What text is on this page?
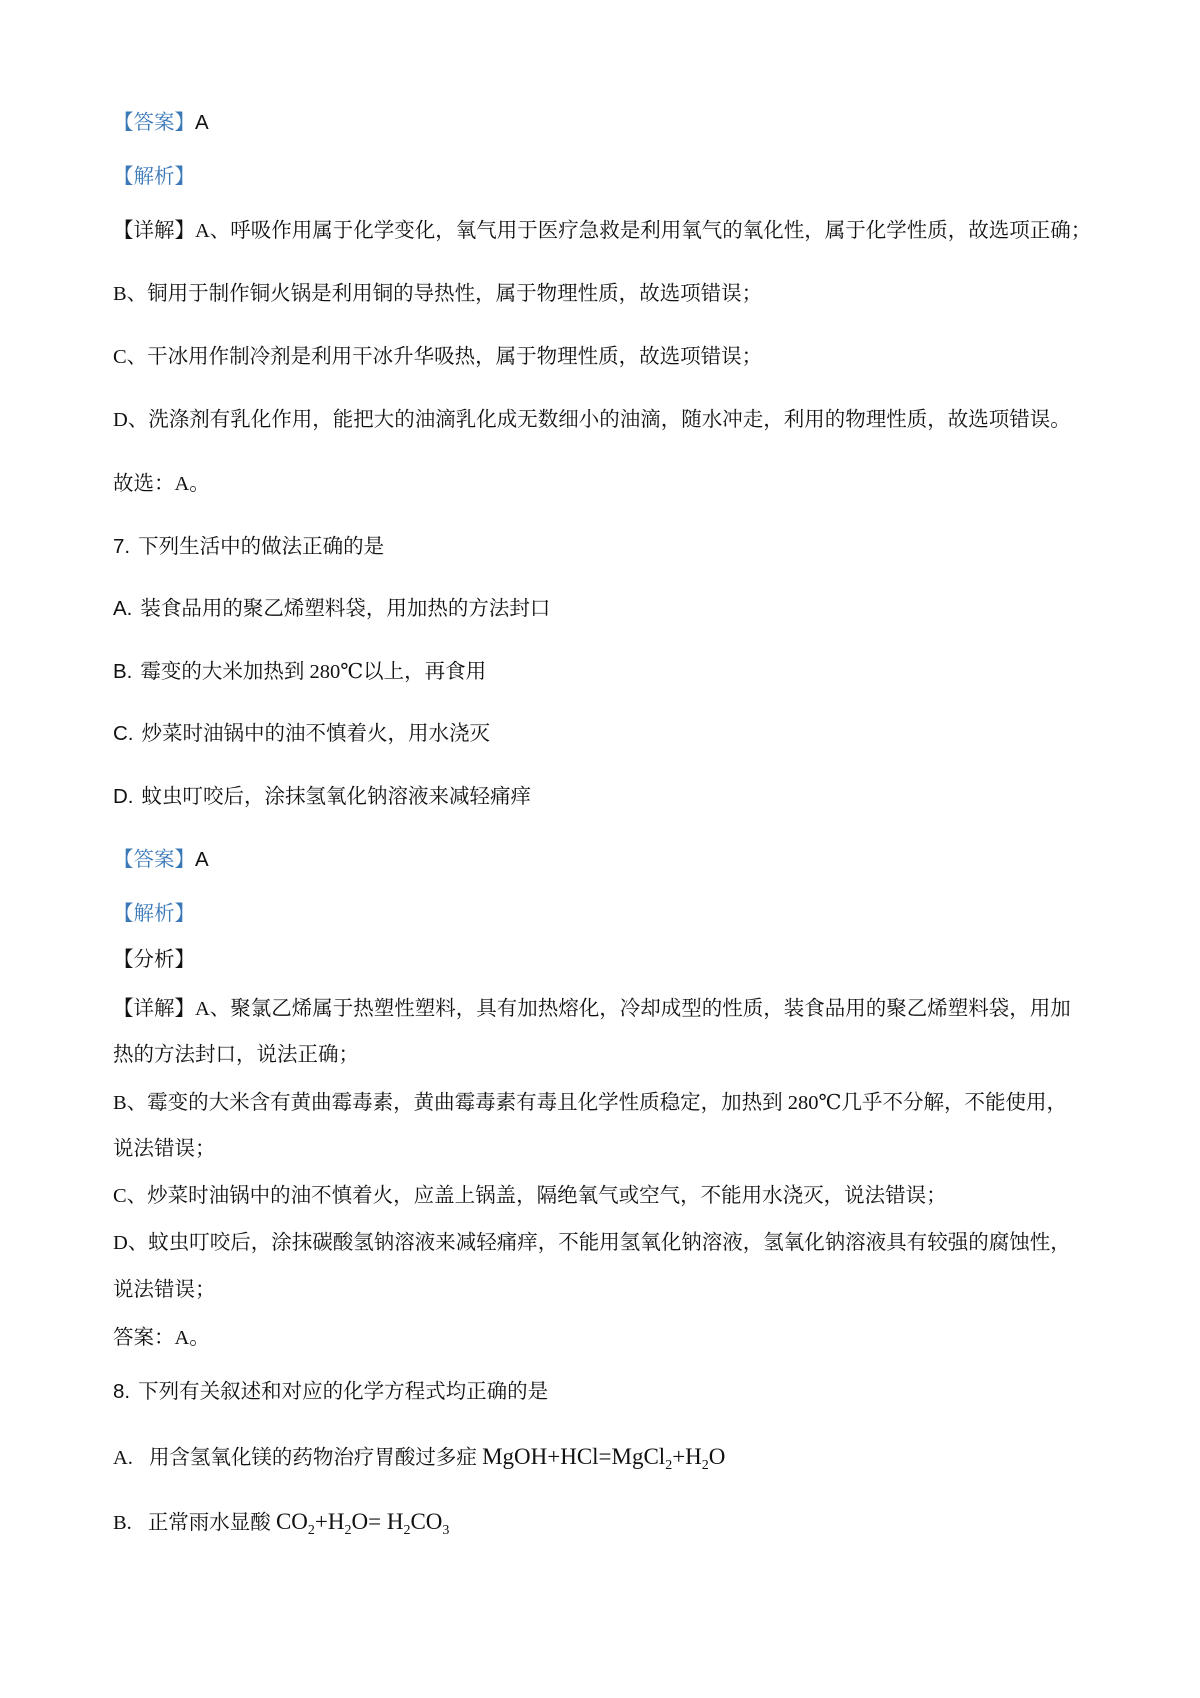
【答案】A
【解析】
【详解】A、呼吸作用属于化学变化，氧气用于医疗急救是利用氧气的氧化性，属于化学性质，故选项正确；
B、铜用于制作铜火锅是利用铜的导热性，属于物理性质，故选项错误；
C、干冰用作制冷剂是利用干冰升华吸热，属于物理性质，故选项错误；
D、洗涤剂有乳化作用，能把大的油滴乳化成无数细小的油滴，随水冲走，利用的物理性质，故选项错误。
故选：A。
7. 下列生活中的做法正确的是
A. 装食品用的聚乙烯塑料袋，用加热的方法封口
B. 霉变的大米加热到 280℃以上，再食用
C. 炒菜时油锅中的油不慎着火，用水浇灭
D. 蚊虫叮咬后，涂抹氢氧化钠溶液来减轻痛痒
【答案】A
【解析】
【分析】
【详解】A、聚氯乙烯属于热塑性塑料，具有加热熔化，冷却成型的性质，装食品用的聚乙烯塑料袋，用加
热的方法封口，说法正确；
B、霉变的大米含有黄曲霉毒素，黄曲霉毒素有毒且化学性质稳定，加热到 280℃几乎不分解，不能使用，
说法错误；
C、炒菜时油锅中的油不慎着火，应盖上锅盖，隔绝氧气或空气，不能用水浇灭，说法错误；
D、蚊虫叮咬后，涂抹碳酸氢钠溶液来减轻痛痒，不能用氢氧化钠溶液，氢氧化钠溶液具有较强的腐蚀性，
说法错误；
答案：A。
8. 下列有关叙述和对应的化学方程式均正确的是
A. 用含氢氧化镁的药物治疗胃酸过多症 $MgOH+HCl=MgCl_2+H_2O$
B. 正常雨水显酸 $CO_2+H_2O= H_2CO_3$
